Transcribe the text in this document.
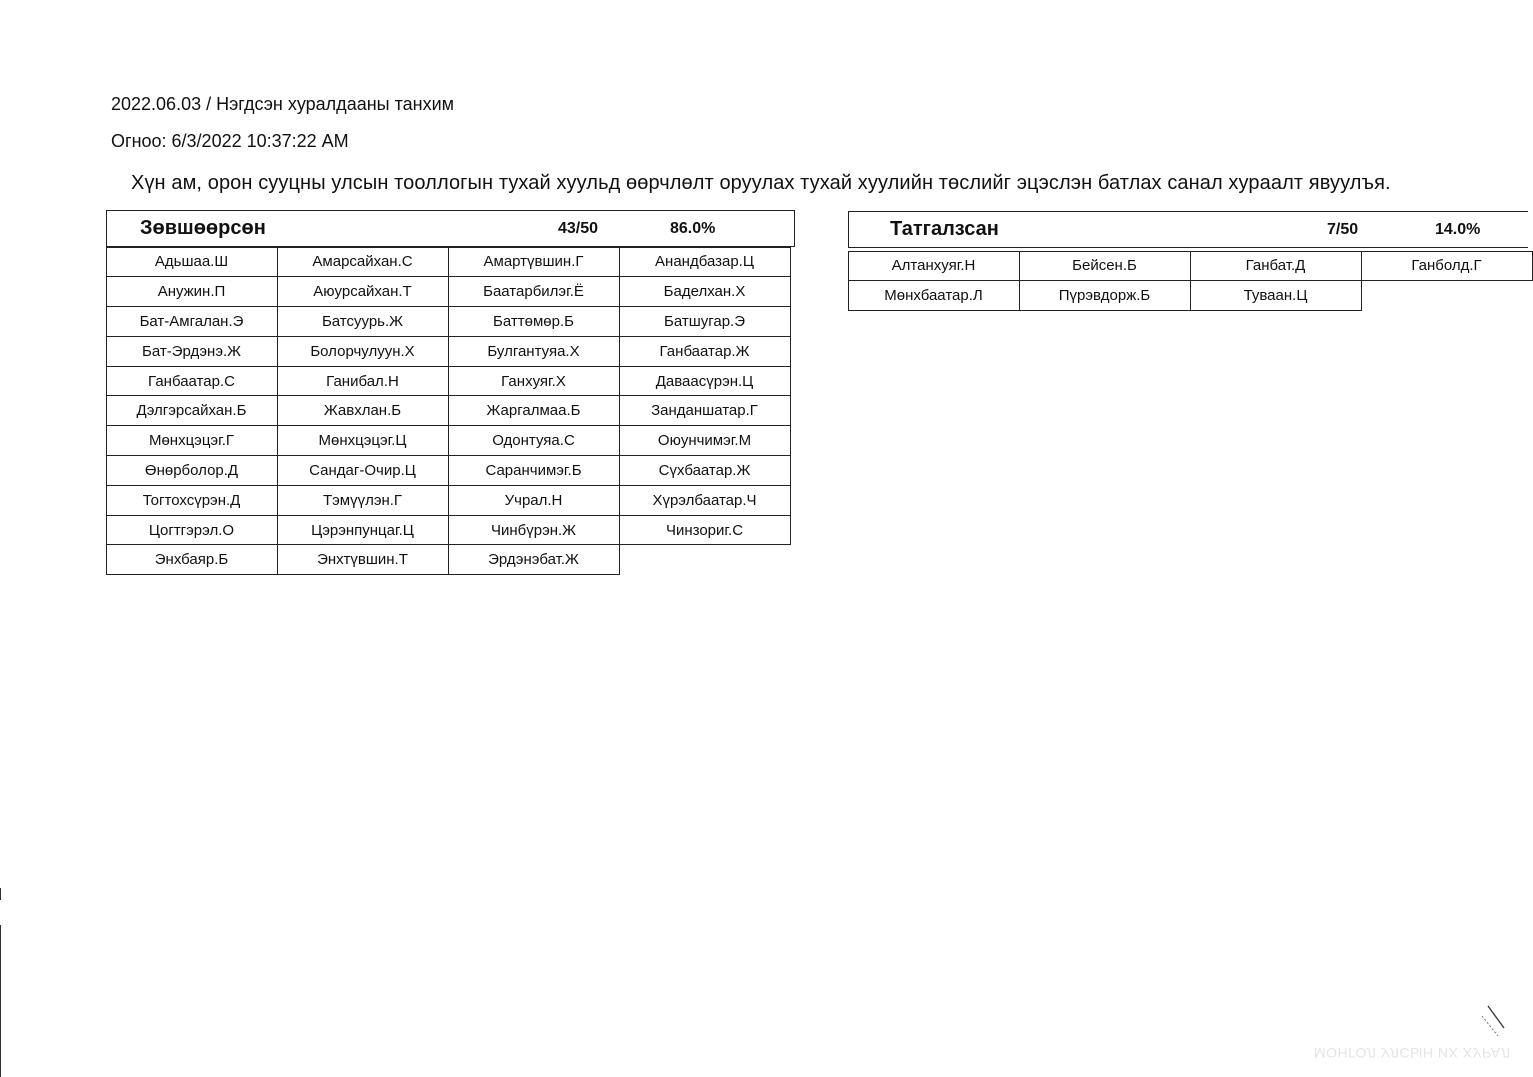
2022.06.03 / Нэгдсэн хуралдааны танхим
Огноо: 6/3/2022 10:37:22 AM
Хүн ам, орон сууцны улсын тооллогын тухай хуульд өөрчлөлт оруулах тухай хуулийн төслийг эцэслэн батлах санал хураалт явуулъя.
Зөвшөөрсөн	43/50	86.0%
Адьшаа.Ш	Амарсайхан.С	Амартүвшин.Г	Анандбазар.Ц
Анужин.П	Аюурсайхан.Т	Баатарбилэг.Ё	Баделхан.Х
Бат-Амгалан.Э	Батсуурь.Ж	Баттөмөр.Б	Батшугар.Э
Бат-Эрдэнэ.Ж	Болорчулуун.Х	Булгантуяа.Х	Ганбаатар.Ж
Ганбаатар.С	Ганибал.Н	Ганхуяг.Х	Даваасүрэн.Ц
Дэлгэрсайхан.Б	Жавхлан.Б	Жаргалмаа.Б	Занданшатар.Г
Мөнхцэцэг.Г	Мөнхцэцэг.Ц	Одонтуяа.С	Оюунчимэг.М
Өнөрболор.Д	Сандаг-Очир.Ц	Саранчимэг.Б	Сүхбаатар.Ж
Тогтохсүрэн.Д	Тэмүүлэн.Г	Учрал.Н	Хүрэлбаатар.Ч
Цогтгэрэл.О	Цэрэнпунцаг.Ц	Чинбүрэн.Ж	Чинзориг.С
Энхбаяр.Б	Энхтүвшин.Т	Эрдэнэбат.Ж
Татгалзсан	7/50	14.0%
Алтанхуяг.Н	Бейсен.Б	Ганбат.Д	Ганболд.Г
Мөнхбаатар.Л	Пүрэвдорж.Б	Туваан.Ц
МОНГОЛ УЛСЫН ИХ ХУРАЛ
